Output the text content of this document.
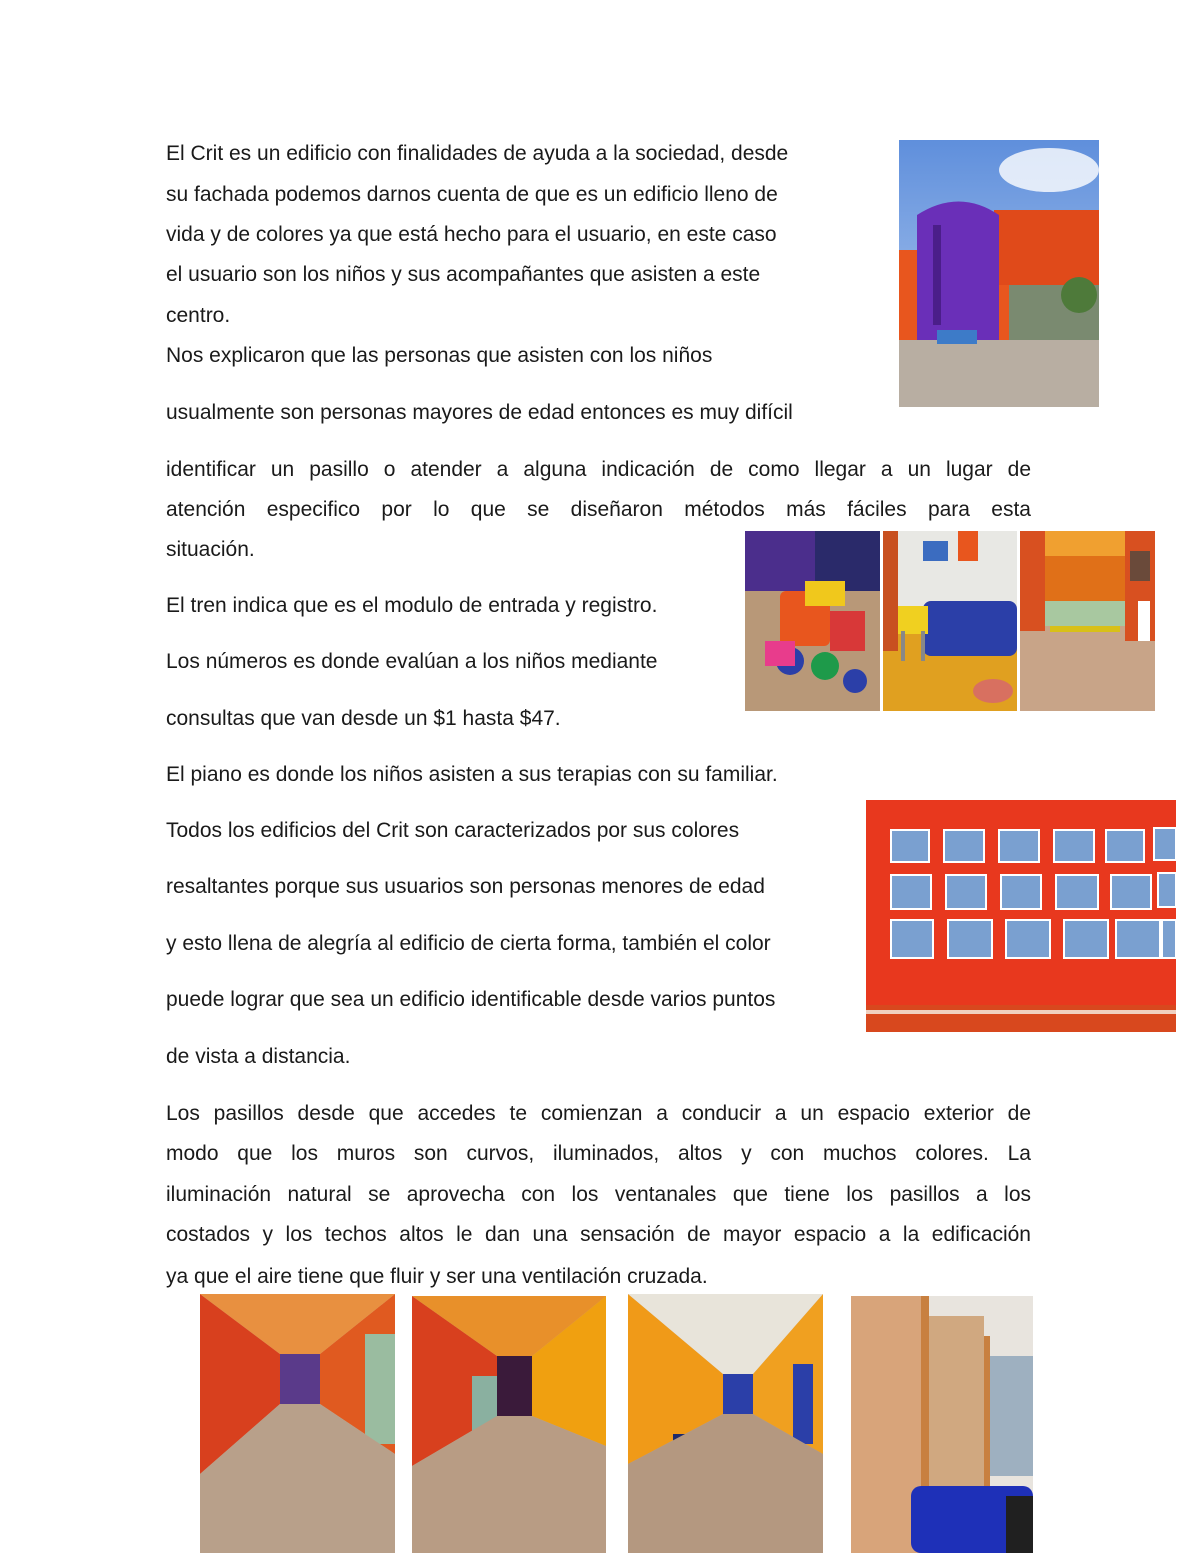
El Crit es un edificio con finalidades de ayuda a la sociedad, desde

su fachada podemos darnos cuenta de que es un edificio lleno de

vida y de colores ya que está hecho para el usuario, en este caso

el usuario son los niños y sus acompañantes que asisten a este

centro.

Nos explicaron que las personas que asisten con los niños

usualmente son personas mayores de edad entonces es muy difícil

identificar un pasillo o atender a alguna indicación de como llegar a un lugar de

atención especifico por lo que se diseñaron métodos más fáciles para esta

situación.

El tren indica que es el modulo de entrada y registro.

Los números es donde evalúan a los niños mediante

consultas que van desde un $1 hasta $47.

El piano es donde los niños asisten a sus terapias con su familiar.

Todos los edificios del Crit son caracterizados por sus colores

resaltantes porque sus usuarios son personas menores de edad

y esto llena de alegría al edificio de cierta forma, también el color

puede lograr que sea un edificio identificable desde varios puntos

de vista a distancia.

Los pasillos desde que accedes te comienzan a conducir a un espacio exterior de

modo que los muros son curvos, iluminados, altos y con muchos colores. La

iluminación natural se aprovecha con los ventanales que tiene los pasillos a los

costados y los techos altos le dan una sensación de mayor espacio a la edificación

ya que el aire tiene que fluir y ser una ventilación cruzada.
